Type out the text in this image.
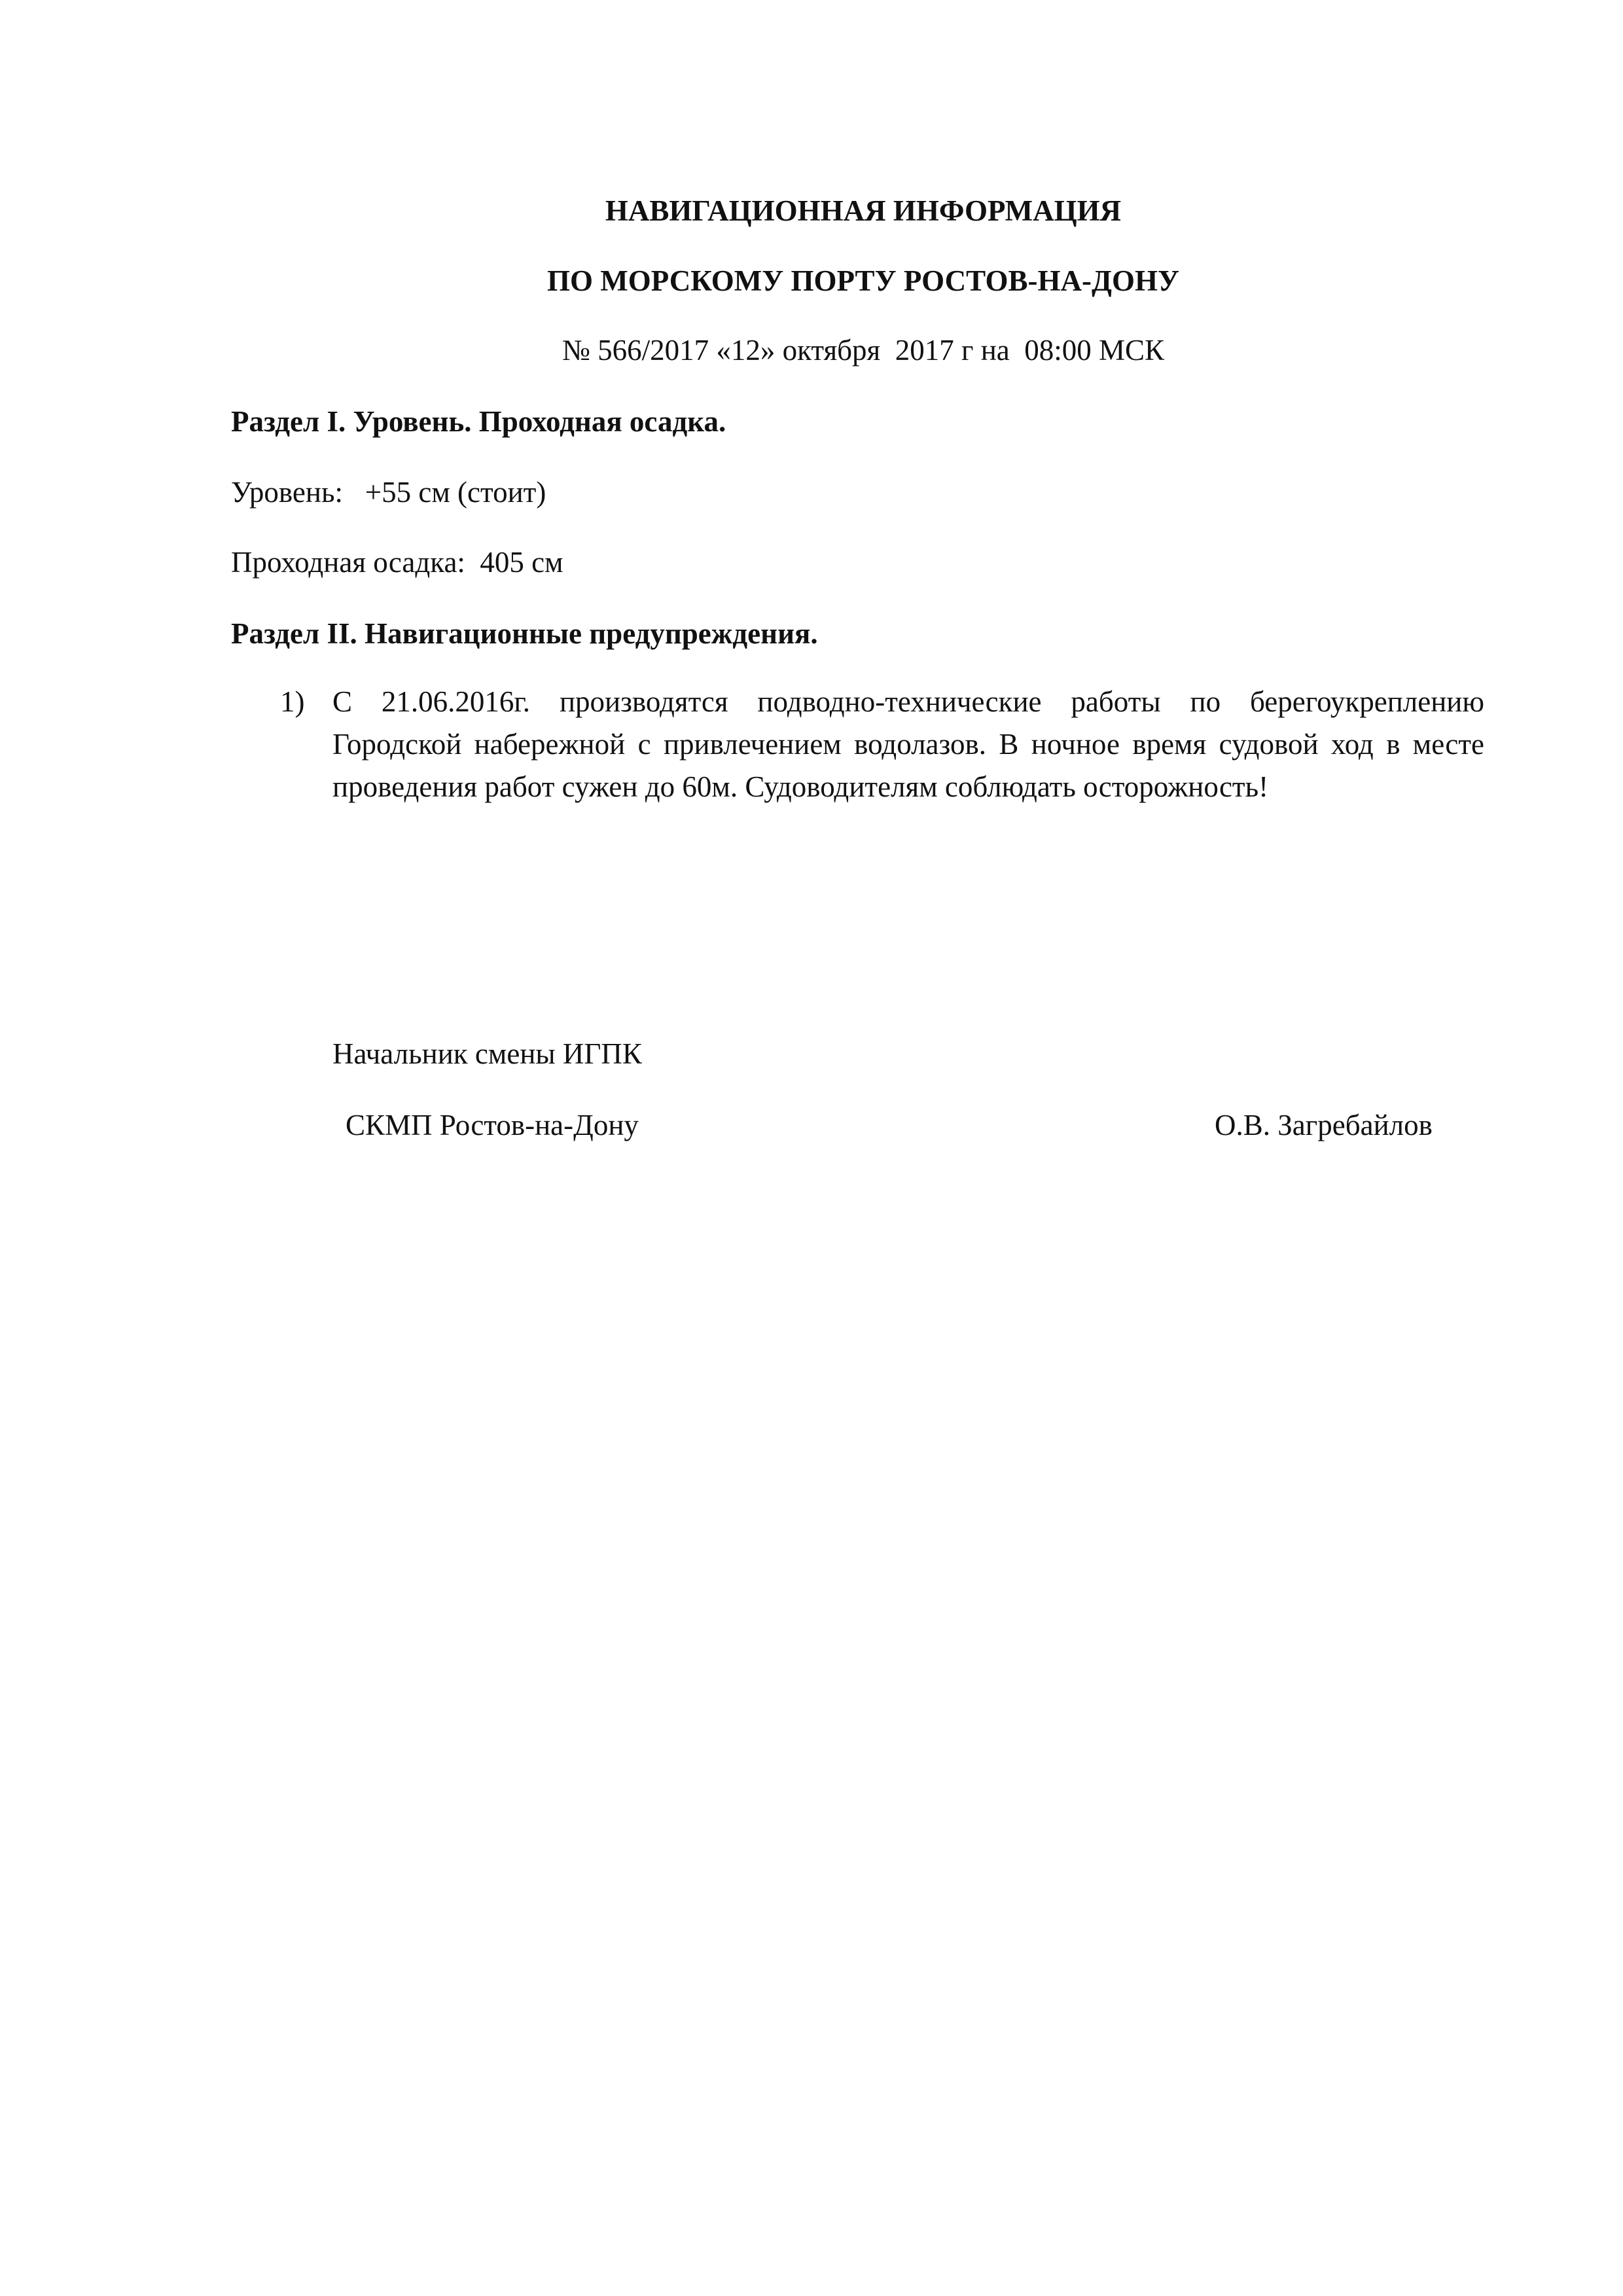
НАВИГАЦИОННАЯ ИНФОРМАЦИЯ
ПО МОРСКОМУ ПОРТУ РОСТОВ-НА-ДОНУ
№ 566/2017 «12» октября  2017 г на  08:00 МСК
Раздел I. Уровень. Проходная осадка.
Уровень:   +55 см (стоит)
Проходная осадка:  405 см
Раздел II. Навигационные предупреждения.
1) С 21.06.2016г. производятся подводно-технические работы по берегоукреплению Городской набережной с привлечением водолазов. В ночное время судовой ход в месте проведения работ сужен до 60м. Судоводителям соблюдать осторожность!
Начальник смены ИГПК
СКМП Ростов-на-Дону	О.В. Загребайлов
